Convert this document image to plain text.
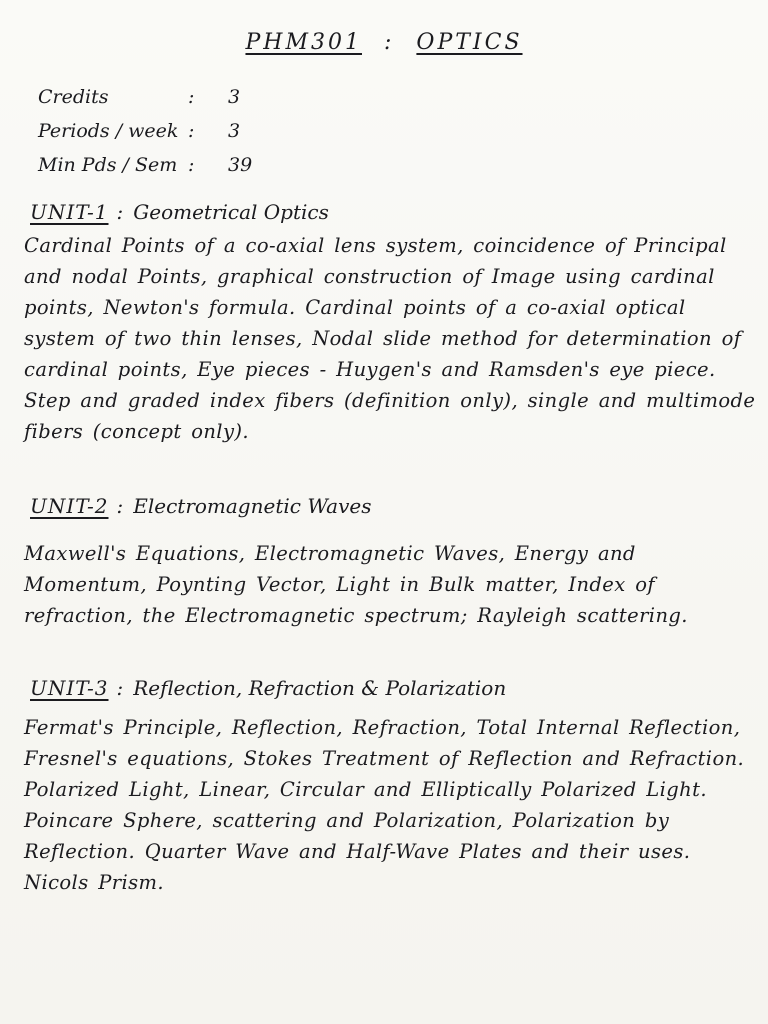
PHM301 : OPTICS
Credits	: 3
Periods / week : 3
Min Pds / Sem : 39
UNIT-1 : Geometrical Optics
Cardinal Points of a co-axial lens system, coincidence of Principal and nodal Points, graphical construction of Image using cardinal points, Newton's formula. Cardinal points of a co-axial optical system of two thin lenses, Nodal slide method for determination of cardinal points, Eye pieces - Huygen's and Ramsden's eye piece. Step and graded index fibers (definition only), single and multimode fibers (concept only).
UNIT-2 : Electromagnetic Waves
Maxwell's Equations, Electromagnetic Waves, Energy and Momentum, Poynting Vector, Light in Bulk matter, Index of refraction, the Electromagnetic spectrum; Rayleigh scattering.
UNIT-3 : Reflection, Refraction & Polarization
Fermat's Principle, Reflection, Refraction, Total Internal Reflection, Fresnel's equations, Stokes Treatment of Reflection and Refraction. Polarized Light, Linear, Circular and Elliptically Polarized Light. Poincare Sphere, scattering and Polarization, Polarization by Reflection. Quarter Wave and Half-Wave Plates and their uses. Nicols Prism.
